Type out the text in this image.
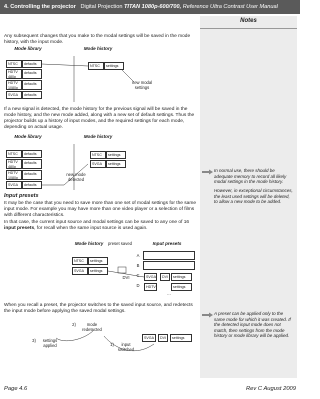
4. Controlling the projector Digital Projection TITAN 1080p-600/700, Reference Ultra Contrast User Manual
Notes

Any subsequent changes that you make to the modal settings will be saved in the mode history, with the input mode.

Mode library	Mode history
NTSC	defaults
HDTV 480p
defaults
HDTV 1080p
defaults
SVGA	defaults
NTSC	settings
new modal settings

If a new signal is detected, the mode history for the previous signal will be saved in the mode history, and the new mode added, along with a new set of default settings. Thus the projector builds up a history of input modes, and the required settings for each mode, depending on actual usage.

Mode library	Mode history
NTSC	defaults
HDTV 480p
defaults
HDTV 1080p
defaults
SVGA	defaults
NTSC	settings
SVGA	settings
new mode detected

Input presets

It may be the case that you need to save more than one set of modal settings for the same input mode. For example you may have more than one video player or a selection of films with different characteristics.

In that case, the current input source and modal settings can be saved to any one of 16 input presets, for recall when the same input source is used again.

Mode history preset saved	Input presets
NTSC	settings
SVGA	settings
DVI
A
B
C
D
SVGA	DVI	settings
HDTV	settings
...

When you recall a preset, the projector switches to the saved input source, and redetects the input mode before applying the saved modal settings.

2)	mode redetected
3)	settings applied	1)	input switched
SVGA	DVI	settings

In normal use, there should be adequate memory to record all likely modal settings in the mode history.

However, in exceptional circumstances, the least used settings will be deleted, to allow a new mode to be added.

A preset can be applied only to the same mode for which it was created. If the detected input mode does not match, then settings from the mode history or mode library will be applied.

Page 4.6	Rev C August 2009
